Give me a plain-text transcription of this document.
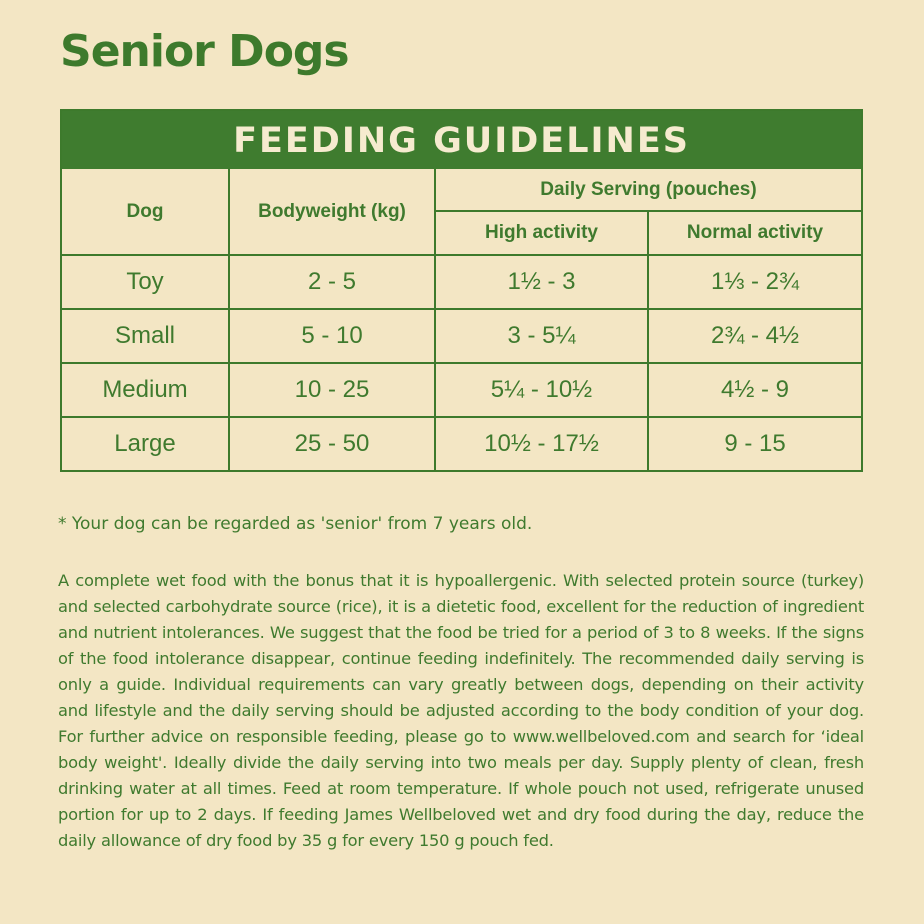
Senior Dogs
FEEDING GUIDELINES
Dog	Bodyweight (kg)	Daily Serving (pouches)	
		High activity	Normal activity
Toy	2 - 5	1½ - 3	1⅓ - 2¾
Small	5 - 10	3 - 5¼	2¾ - 4½
Medium	10 - 25	5¼ - 10½	4½ - 9
Large	25 - 50	10½ - 17½	9 - 15
* Your dog can be regarded as 'senior' from 7 years old.
A complete wet food with the bonus that it is hypoallergenic. With selected protein source (turkey) and selected carbohydrate source (rice), it is a dietetic food, excellent for the reduction of ingredient and nutrient intolerances. We suggest that the food be tried for a period of 3 to 8 weeks. If the signs of the food intolerance disappear, continue feeding indefinitely. The recommended daily serving is only a guide. Individual requirements can vary greatly between dogs, depending on their activity and lifestyle and the daily serving should be adjusted according to the body condition of your dog. For further advice on responsible feeding, please go to www.wellbeloved.com and search for ‘ideal body weight'. Ideally divide the daily serving into two meals per day. Supply plenty of clean, fresh drinking water at all times. Feed at room temperature. If whole pouch not used, refrigerate unused portion for up to 2 days. If feeding James Wellbeloved wet and dry food during the day, reduce the daily allowance of dry food by 35 g for every 150 g pouch fed.
